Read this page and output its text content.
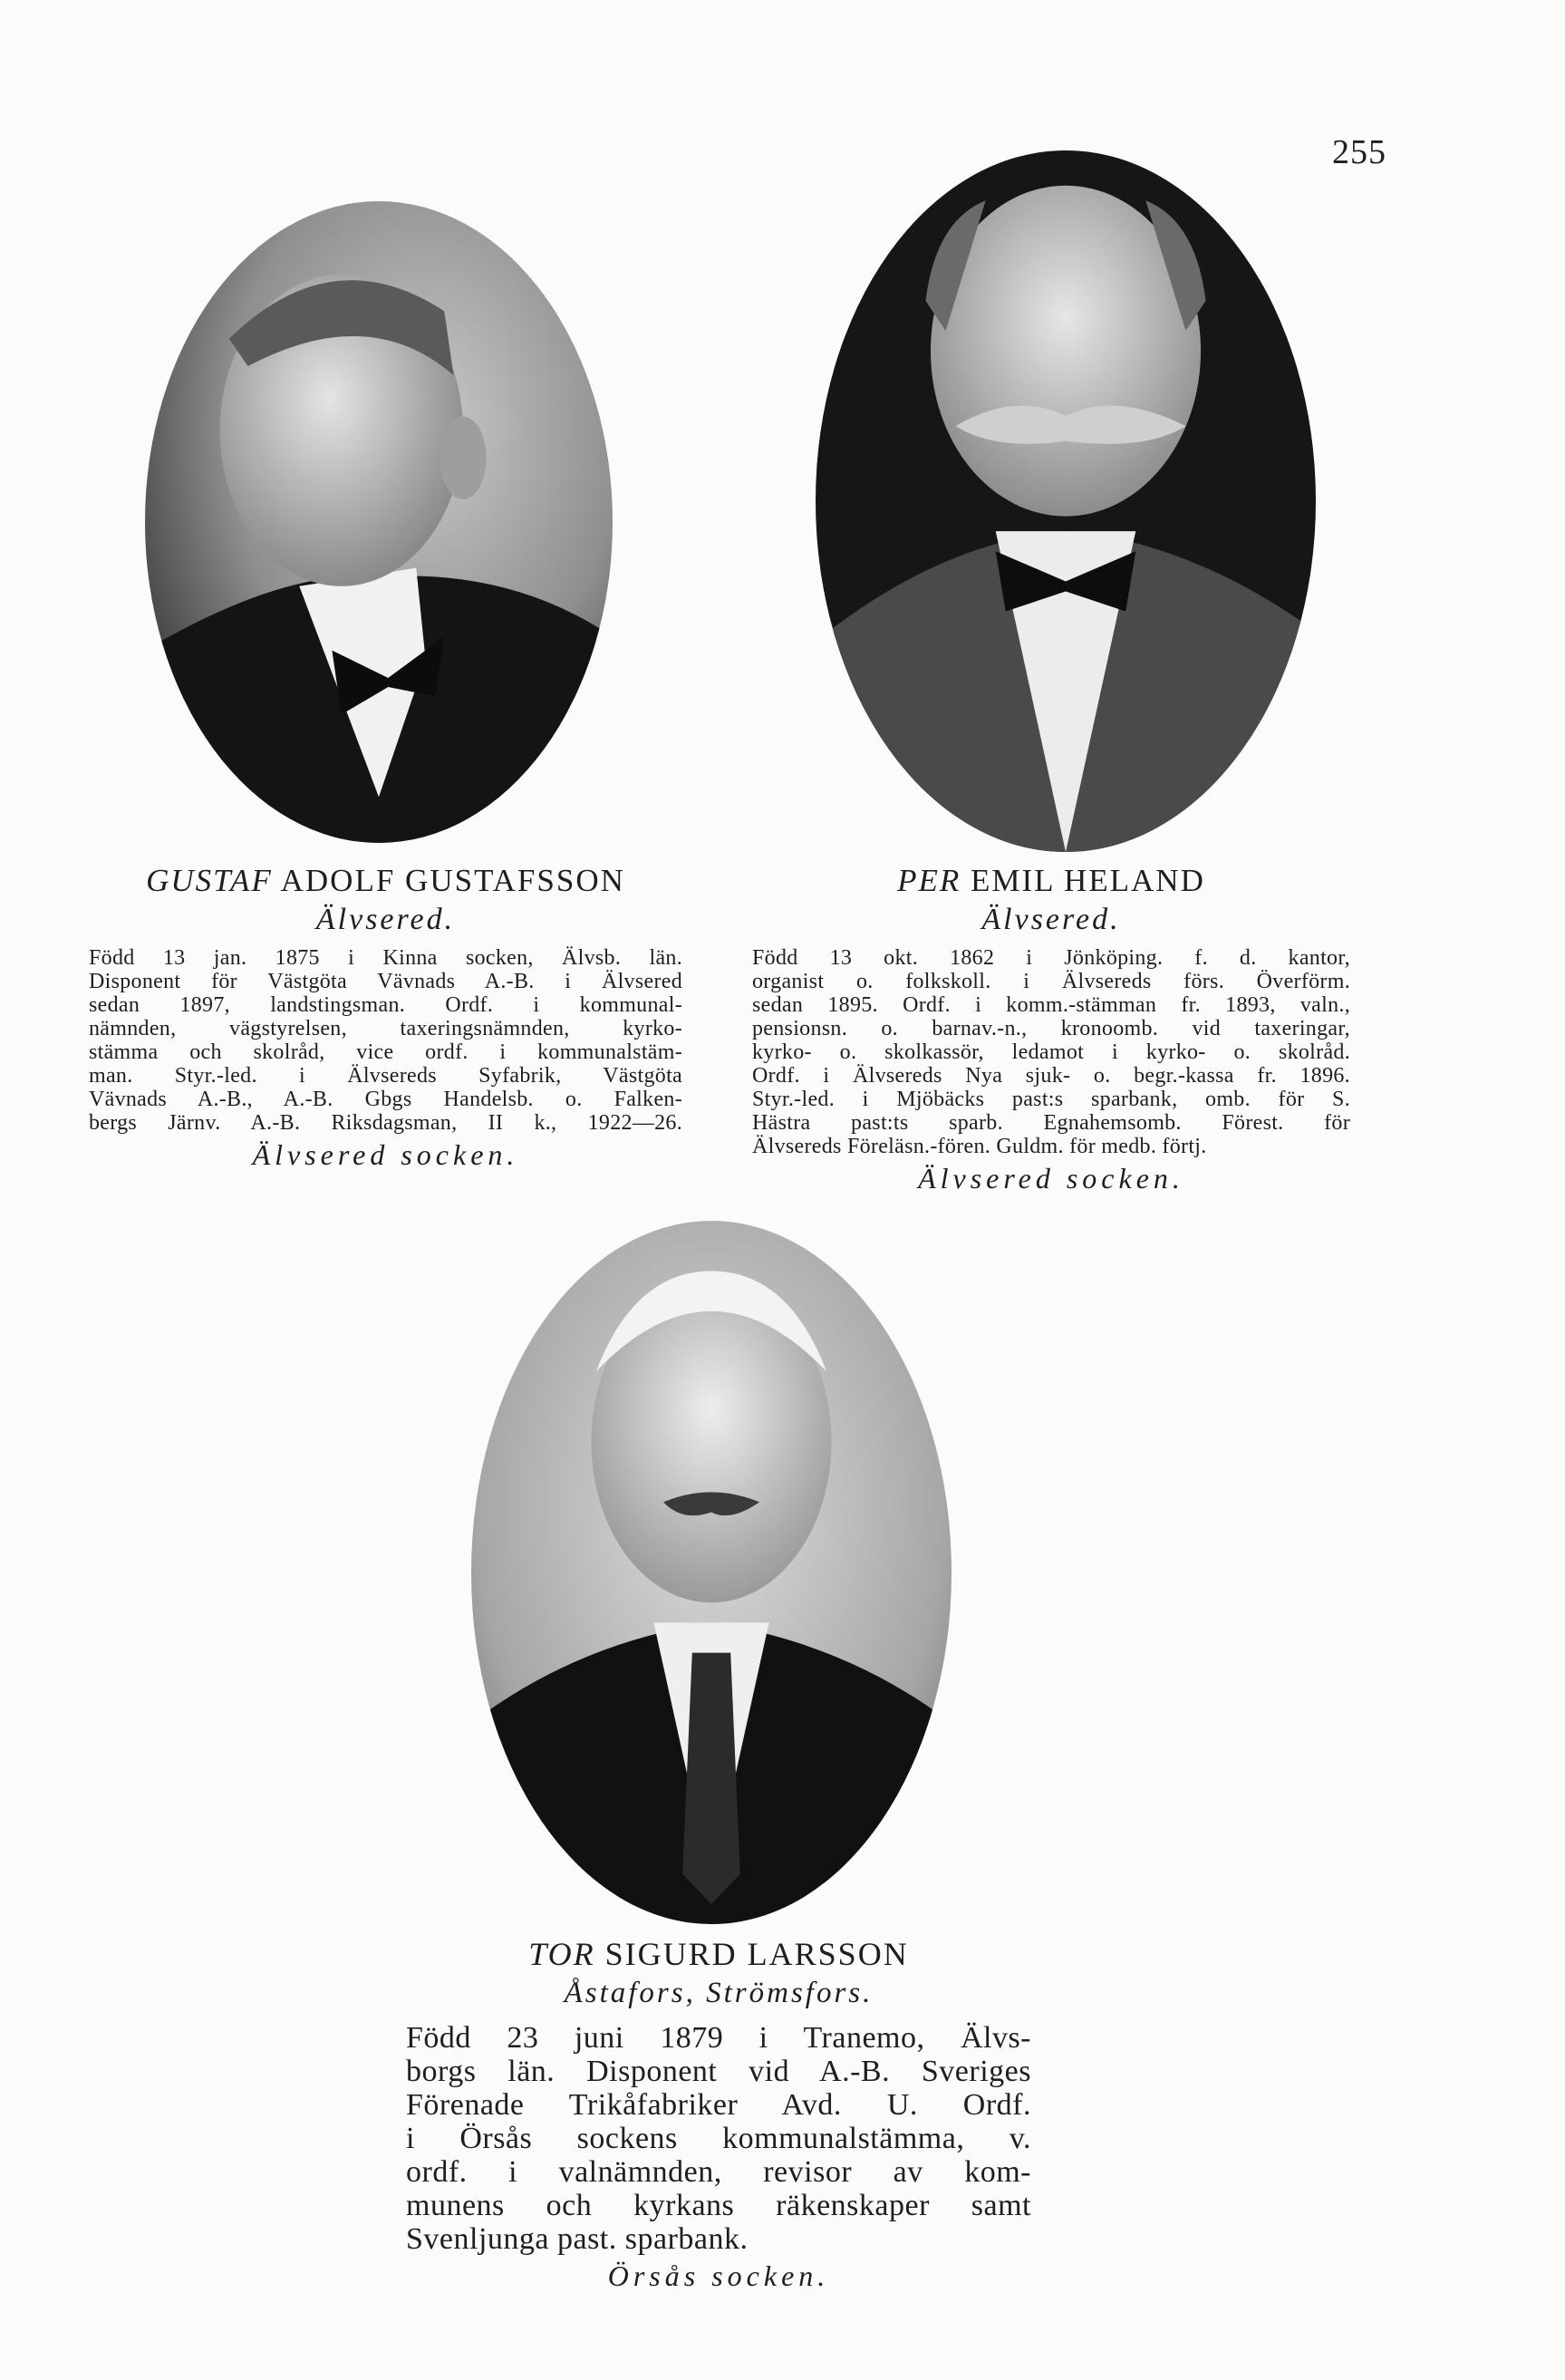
255
GUSTAF ADOLF GUSTAFSSON
Älvsered.
Född 13 jan. 1875 i Kinna socken, Älvsb. län.
Disponent för Västgöta Vävnads A.-B. i Älvsered
sedan 1897, landstingsman. Ordf. i kommunal-
nämnden, vägstyrelsen, taxeringsnämnden, kyrko-
stämma och skolråd, vice ordf. i kommunalstäm-
man. Styr.-led. i Älvsereds Syfabrik, Västgöta
Vävnads A.-B., A.-B. Gbgs Handelsb. o. Falken-
bergs Järnv. A.-B. Riksdagsman, II k., 1922—26.
Älvsered socken.
PER EMIL HELAND
Älvsered.
Född 13 okt. 1862 i Jönköping. f. d. kantor,
organist o. folkskoll. i Älvsereds förs. Överförm.
sedan 1895. Ordf. i komm.-stämman fr. 1893, valn.,
pensionsn. o. barnav.-n., kronoomb. vid taxeringar,
kyrko- o. skolkassör, ledamot i kyrko- o. skolråd.
Ordf. i Älvsereds Nya sjuk- o. begr.-kassa fr. 1896.
Styr.-led. i Mjöbäcks past:s sparbank, omb. för S.
Hästra past:ts sparb. Egnahemsomb. Förest. för
Älvsereds Föreläsn.-fören. Guldm. för medb. förtj.
Älvsered socken.
TOR SIGURD LARSSON
Åstafors, Strömsfors.
Född 23 juni 1879 i Tranemo, Älvs-
borgs län. Disponent vid A.-B. Sveriges
Förenade Trikåfabriker Avd. U. Ordf.
i Örsås sockens kommunalstämma, v.
ordf. i valnämnden, revisor av kom-
munens och kyrkans räkenskaper samt
Svenljunga past. sparbank.
Örsås socken.
